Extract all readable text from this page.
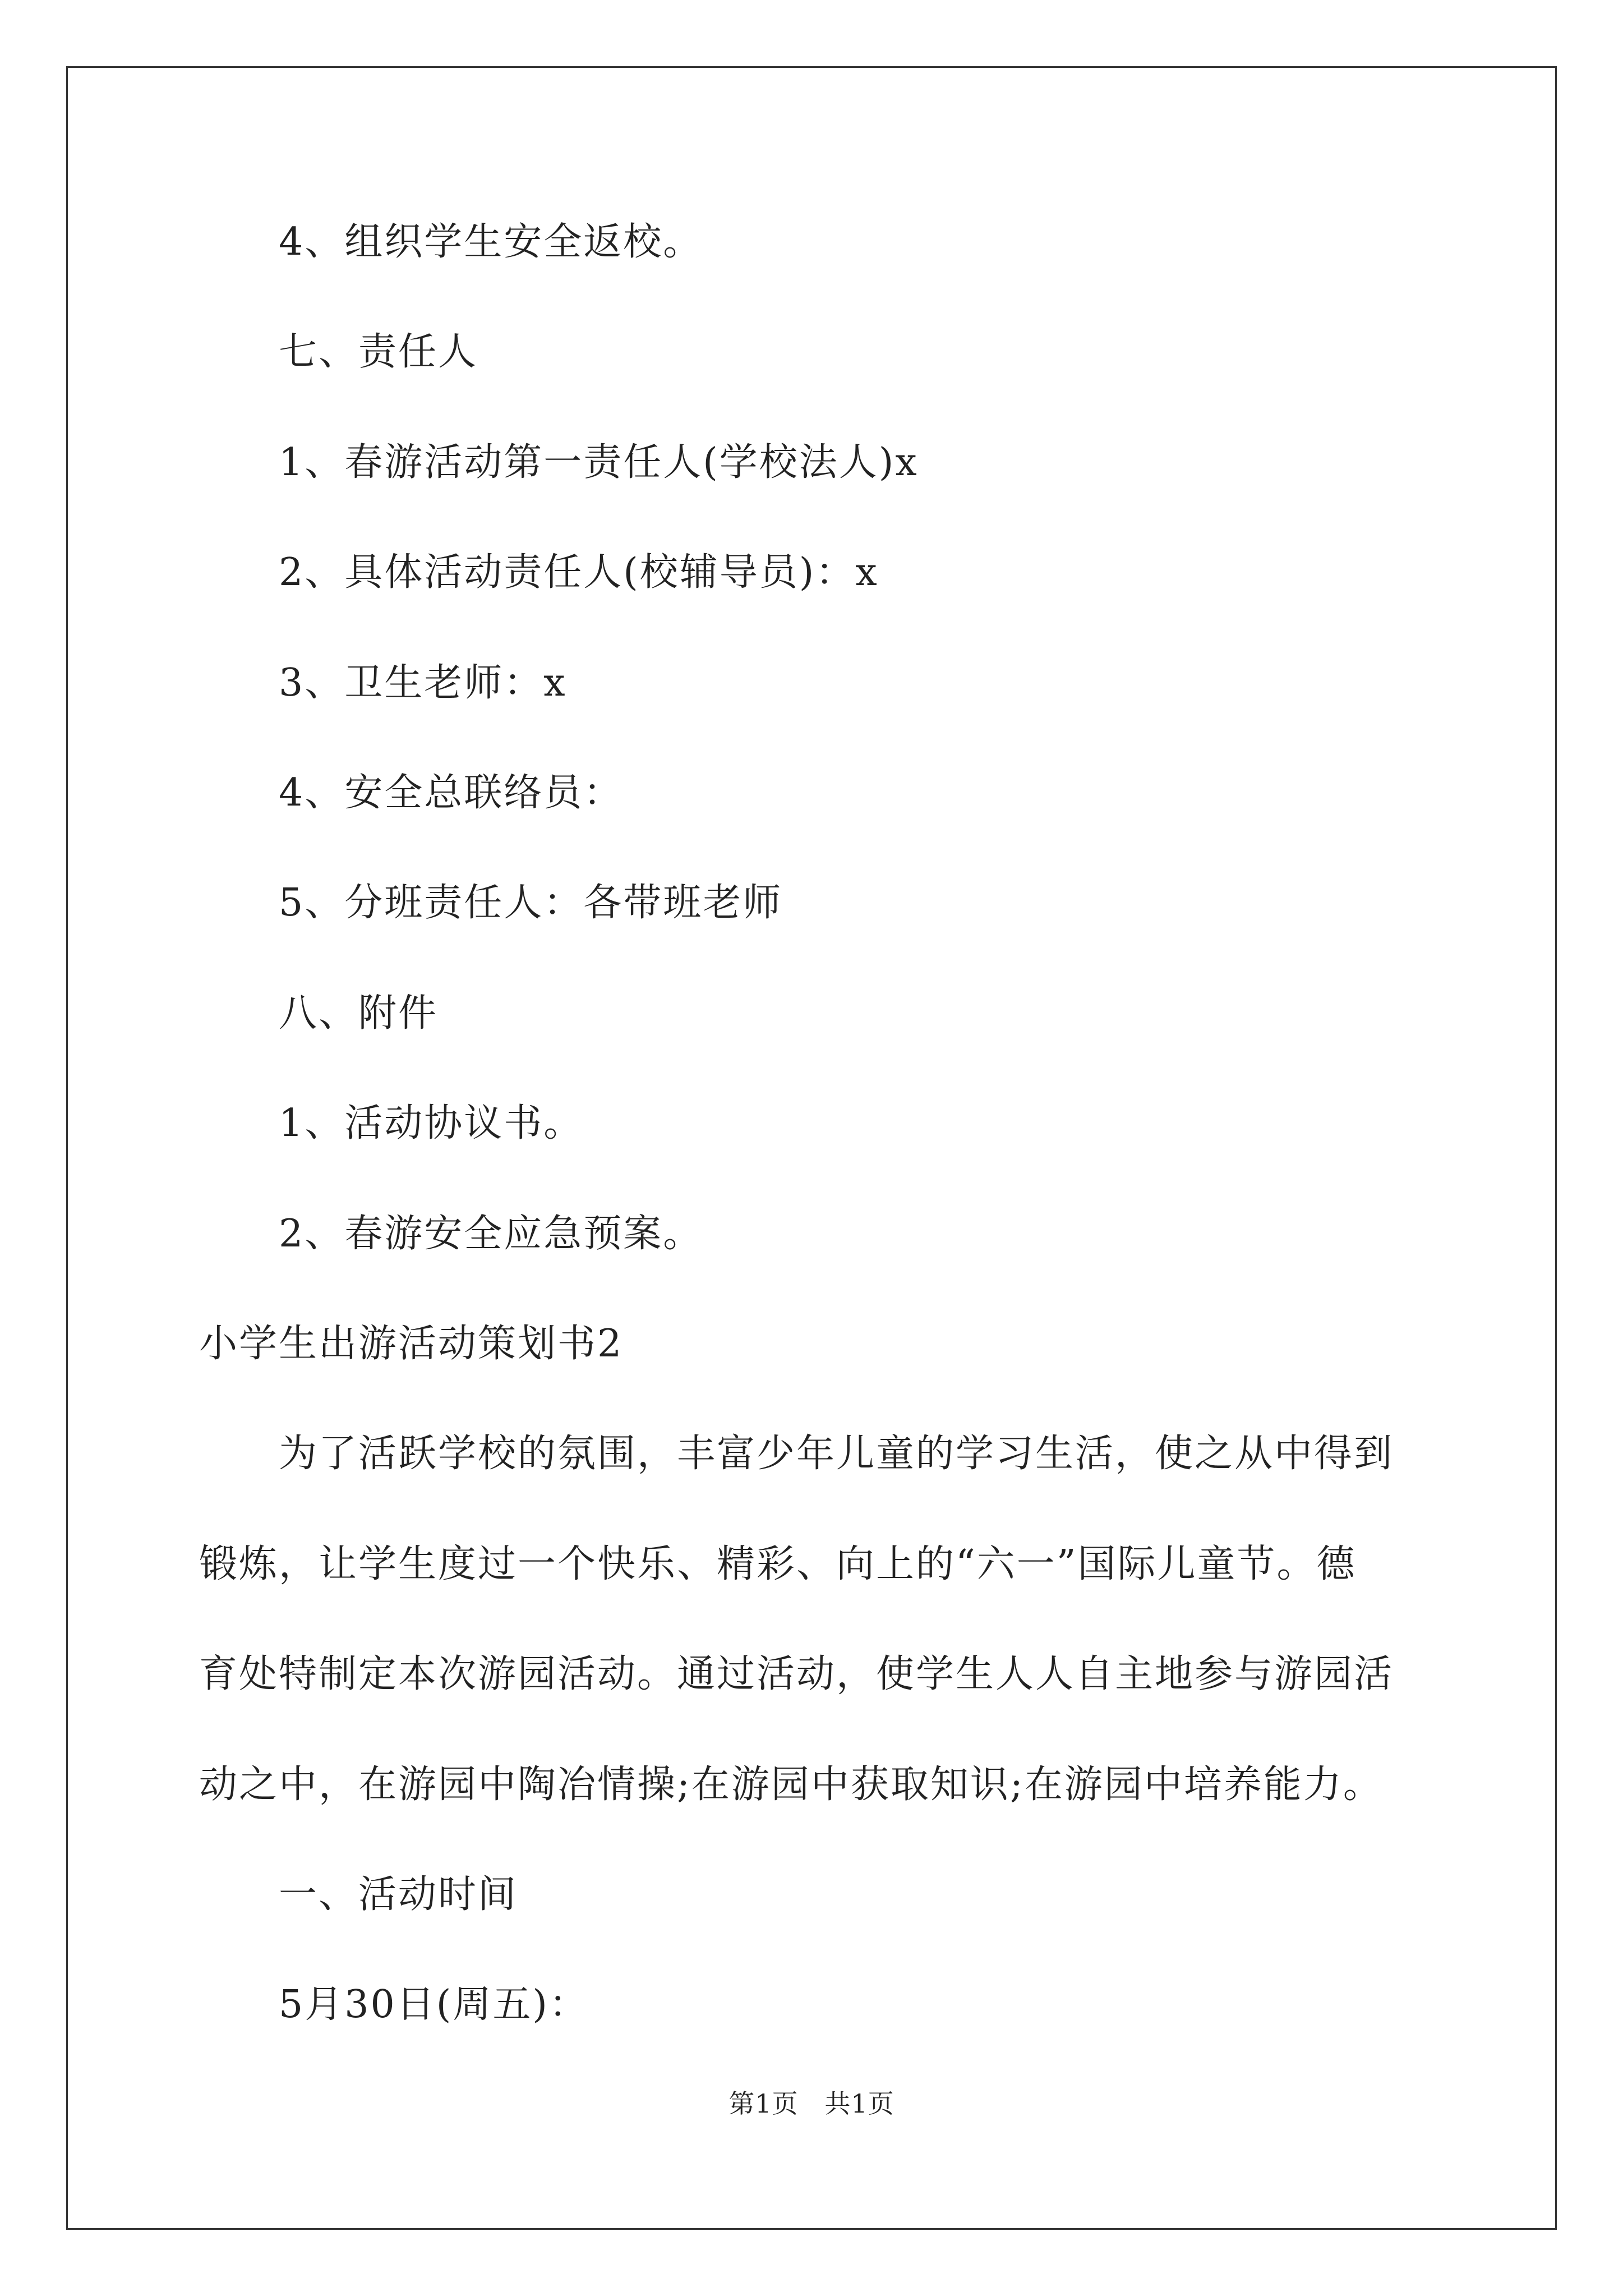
4、组织学生安全返校。
七、责任人
1、春游活动第一责任人(学校法人)x
2、具体活动责任人(校辅导员)：x
3、卫生老师：x
4、安全总联络员：
5、分班责任人：各带班老师
八、附件
1、活动协议书。
2、春游安全应急预案。
小学生出游活动策划书2
为了活跃学校的氛围，丰富少年儿童的学习生活，使之从中得到
锻炼，让学生度过一个快乐、精彩、向上的“六一”国际儿童节。德
育处特制定本次游园活动。通过活动，使学生人人自主地参与游园活
动之中，在游园中陶冶情操;在游园中获取知识;在游园中培养能力。
一、活动时间
5月30日(周五)：
第1页   共1页
